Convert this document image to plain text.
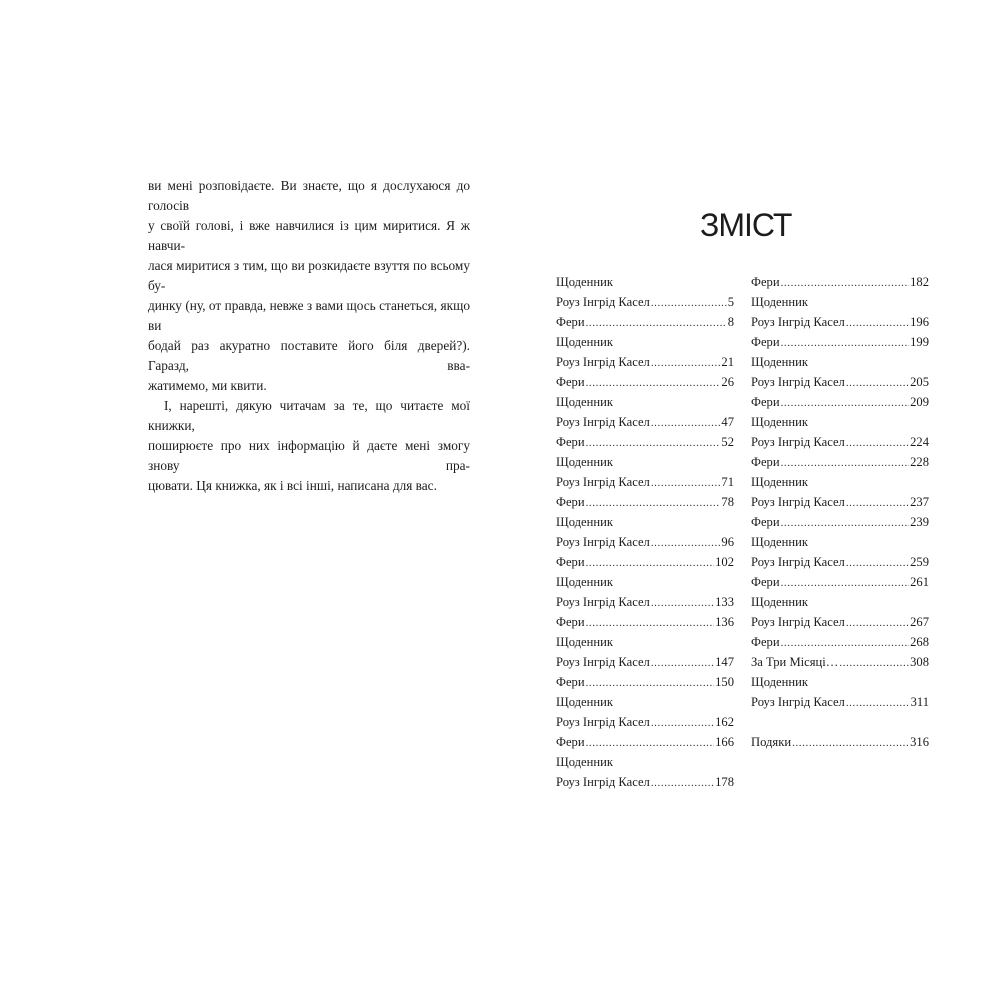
ви мені розповідаєте. Ви знаєте, що я дослухаюся до голосів

у своїй голові, і вже навчилися із цим миритися. Я ж навчи-

лася миритися з тим, що ви розкидаєте взуття по всьому бу-

динку (ну, от правда, невже з вами щось станеться, якщо ви

бодай раз акуратно поставите його біля дверей?). Гаразд, вва-

жатимемо, ми квити.

І, нарешті, дякую читачам за те, що читаєте мої книжки,

поширюєте про них інформацію й даєте мені змогу знову пра-

цювати. Ця книжка, як і всі інші, написана для вас.

ЗМІСТ
Щоденник
Роуз Інгрід Касел .....	5
Фери .....	8
Щоденник
Роуз Інгрід Касел .....	21
Фери .....	26
Щоденник
Роуз Інгрід Касел .....	47
Фери .....	52
Щоденник
Роуз Інгрід Касел .....	71
Фери .....	78
Щоденник
Роуз Інгрід Касел .....	96
Фери .....	102
Щоденник
Роуз Інгрід Касел .....	133
Фери .....	136
Щоденник
Роуз Інгрід Касел .....	147
Фери .....	150
Щоденник
Роуз Інгрід Касел .....	162
Фери .....	166
Щоденник
Роуз Інгрід Касел .....	178
Фери .....	182
Щоденник
Роуз Інгрід Касел .....	196
Фери .....	199
Щоденник
Роуз Інгрід Касел .....	205
Фери .....	209
Щоденник
Роуз Інгрід Касел .....	224
Фери .....	228
Щоденник
Роуз Інгрід Касел .....	237
Фери .....	239
Щоденник
Роуз Інгрід Касел .....	259
Фери .....	261
Щоденник
Роуз Інгрід Касел .....	267
Фери .....	268
За Три Місяці… .....	308
Щоденник
Роуз Інгрід Касел .....	311
Подяки .....	316
